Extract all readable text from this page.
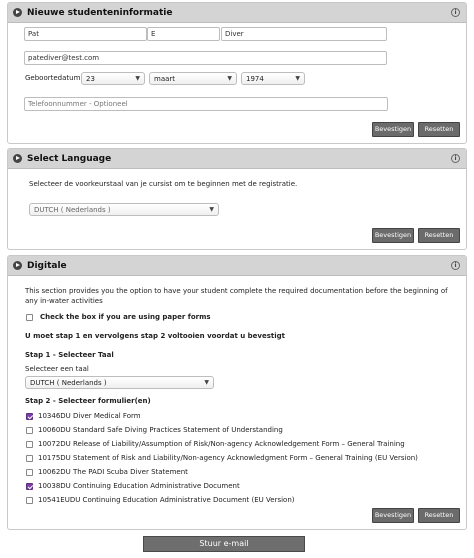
Nieuwe studenteninformatie	i
Pat	E	Diver
patediver@test.com
Geboortedatum 23	▼	maart	▼	1974	▼
Telefoonnummer - Optioneel
Bevestigen	Resetten
Select Language	i
Selecteer de voorkeurstaal van je cursist om te beginnen met de registratie.
DUTCH ( Nederlands )	▼
Bevestigen	Resetten
Digitale	i
This section provides you the option to have your student complete the required documentation before the beginning of any in-water activities
Check the box if you are using paper forms
U moet stap 1 en vervolgens stap 2 voltooien voordat u bevestigt
Stap 1 - Selecteer Taal
Selecteer een taal
DUTCH ( Nederlands )	▼
Stap 2 - Selecteer formulier(en)
10346DU Diver Medical Form
10060DU Standard Safe Diving Practices Statement of Understanding
10072DU Release of Liability/Assumption of Risk/Non-agency Acknowledgement Form – General Training
10175DU Statement of Risk and Liability/Non-agency Acknowledgment Form – General Training (EU Version)
10062DU The PADI Scuba Diver Statement
10038DU Continuing Education Administrative Document
10541EUDU Continuing Education Administrative Document (EU Version)
Bevestigen	Resetten
Stuur e-mail
